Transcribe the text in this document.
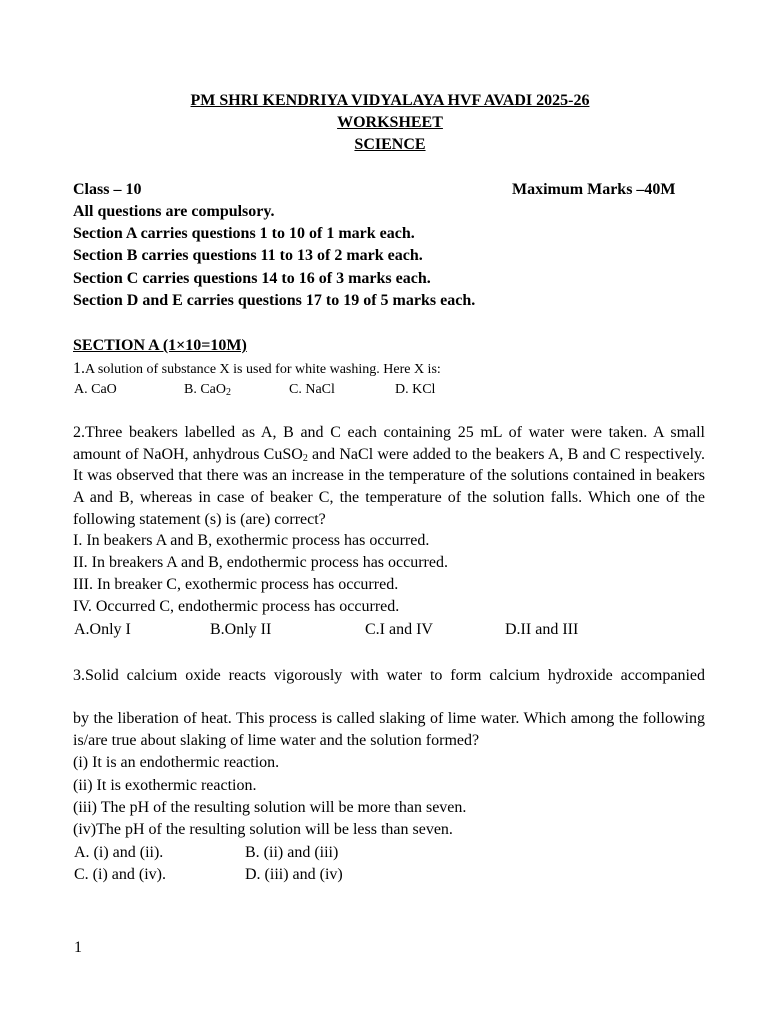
PM SHRI KENDRIYA VIDYALAYA HVF AVADI 2025-26
WORKSHEET
SCIENCE
Class – 10	Maximum Marks –40M
All questions are compulsory.
Section A carries questions 1 to 10 of 1 mark each.
Section B carries questions 11 to 13 of 2 mark each.
Section C carries questions 14 to 16 of 3 marks each.
Section D and E carries questions 17 to 19 of 5 marks each.
SECTION A (1×10=10M)
1.A solution of substance X is used for white washing. Here X is:
A. CaO	B. CaO$_2$	C. NaCl	D. KCl
2.Three beakers labelled as A, B and C each containing 25 mL of water were taken. A small amount of NaOH, anhydrous CuSO$_2$ and NaCl were added to the beakers A, B and C respectively. It was observed that there was an increase in the temperature of the solutions contained in beakers A and B, whereas in case of beaker C, the temperature of the solution falls. Which one of the following statement (s) is (are) correct?
I. In beakers A and B, exothermic process has occurred.
II. In breakers A and B, endothermic process has occurred.
III. In breaker C, exothermic process has occurred.
IV. Occurred C, endothermic process has occurred.
A.Only I	B.Only II	C.I and IV	D.II and III
3.Solid calcium oxide reacts vigorously with water to form calcium hydroxide accompanied
by the liberation of heat. This process is called slaking of lime water. Which among the following is/are true about slaking of lime water and the solution formed?
(i) It is an endothermic reaction.
(ii) It is exothermic reaction.
(iii) The pH of the resulting solution will be more than seven.
(iv)The pH of the resulting solution will be less than seven.
A. (i) and (ii).	B. (ii) and (iii)
C. (i) and (iv).	D. (iii) and (iv)
1
